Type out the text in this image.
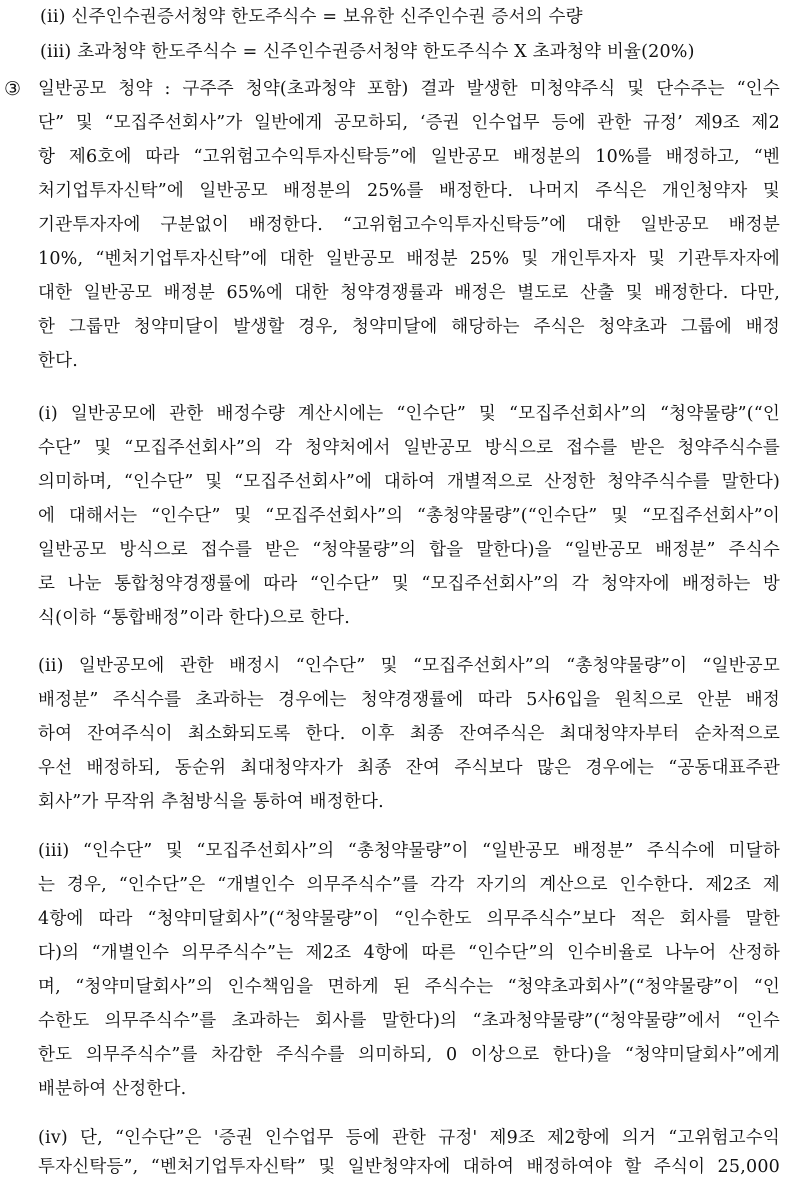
(ii) 신주인수권증서청약 한도주식수 = 보유한 신주인수권 증서의 수량
(iii) 초과청약 한도주식수 = 신주인수권증서청약 한도주식수 X 초과청약 비율(20%)
③ 일반공모 청약 : 구주주 청약(초과청약 포함) 결과 발생한 미청약주식 및 단수주는 “인수
단” 및 “모집주선회사”가 일반에게 공모하되, ‘증권 인수업무 등에 관한 규정’ 제9조 제2
항 제6호에 따라 “고위험고수익투자신탁등”에 일반공모 배정분의 10%를 배정하고, “벤
처기업투자신탁”에 일반공모 배정분의 25%를 배정한다. 나머지 주식은 개인청약자 및
기관투자자에 구분없이 배정한다. “고위험고수익투자신탁등”에 대한 일반공모 배정분
10%, “벤처기업투자신탁”에 대한 일반공모 배정분 25% 및 개인투자자 및 기관투자자에
대한 일반공모 배정분 65%에 대한 청약경쟁률과 배정은 별도로 산출 및 배정한다. 다만,
한 그룹만 청약미달이 발생할 경우, 청약미달에 해당하는 주식은 청약초과 그룹에 배정
한다.
(i) 일반공모에 관한 배정수량 계산시에는 “인수단” 및 “모집주선회사”의 “청약물량”(“인
수단” 및 “모집주선회사”의 각 청약처에서 일반공모 방식으로 접수를 받은 청약주식수를
의미하며, “인수단” 및 “모집주선회사”에 대하여 개별적으로 산정한 청약주식수를 말한다)
에 대해서는 “인수단” 및 “모집주선회사”의 “총청약물량”(“인수단” 및 “모집주선회사”이
일반공모 방식으로 접수를 받은 “청약물량”의 합을 말한다)을 “일반공모 배정분” 주식수
로 나눈 통합청약경쟁률에 따라 “인수단” 및 “모집주선회사”의 각 청약자에 배정하는 방
식(이하 “통합배정”이라 한다)으로 한다.
(ii) 일반공모에 관한 배정시 “인수단” 및 “모집주선회사”의 “총청약물량”이 “일반공모
배정분” 주식수를 초과하는 경우에는 청약경쟁률에 따라 5사6입을 원칙으로 안분 배정
하여 잔여주식이 최소화되도록 한다. 이후 최종 잔여주식은 최대청약자부터 순차적으로
우선 배정하되, 동순위 최대청약자가 최종 잔여 주식보다 많은 경우에는 “공동대표주관
회사”가 무작위 추첨방식을 통하여 배정한다.
(iii) “인수단” 및 “모집주선회사”의 “총청약물량”이 “일반공모 배정분” 주식수에 미달하
는 경우, “인수단”은 “개별인수 의무주식수”를 각각 자기의 계산으로 인수한다. 제2조 제
4항에 따라 “청약미달회사”(“청약물량”이 “인수한도 의무주식수”보다 적은 회사를 말한
다)의 “개별인수 의무주식수”는 제2조 4항에 따른 “인수단”의 인수비율로 나누어 산정하
며, “청약미달회사”의 인수책임을 면하게 된 주식수는 “청약초과회사”(“청약물량”이 “인
수한도 의무주식수”를 초과하는 회사를 말한다)의 “초과청약물량”(“청약물량”에서 “인수
한도 의무주식수”를 차감한 주식수를 의미하되, 0 이상으로 한다)을 “청약미달회사”에게
배분하여 산정한다.
(iv) 단, “인수단”은 '증권 인수업무 등에 관한 규정' 제9조 제2항에 의거 “고위험고수익
투자신탁등”, “벤처기업투자신탁” 및 일반청약자에 대하여 배정하여야 할 주식이 25,000
